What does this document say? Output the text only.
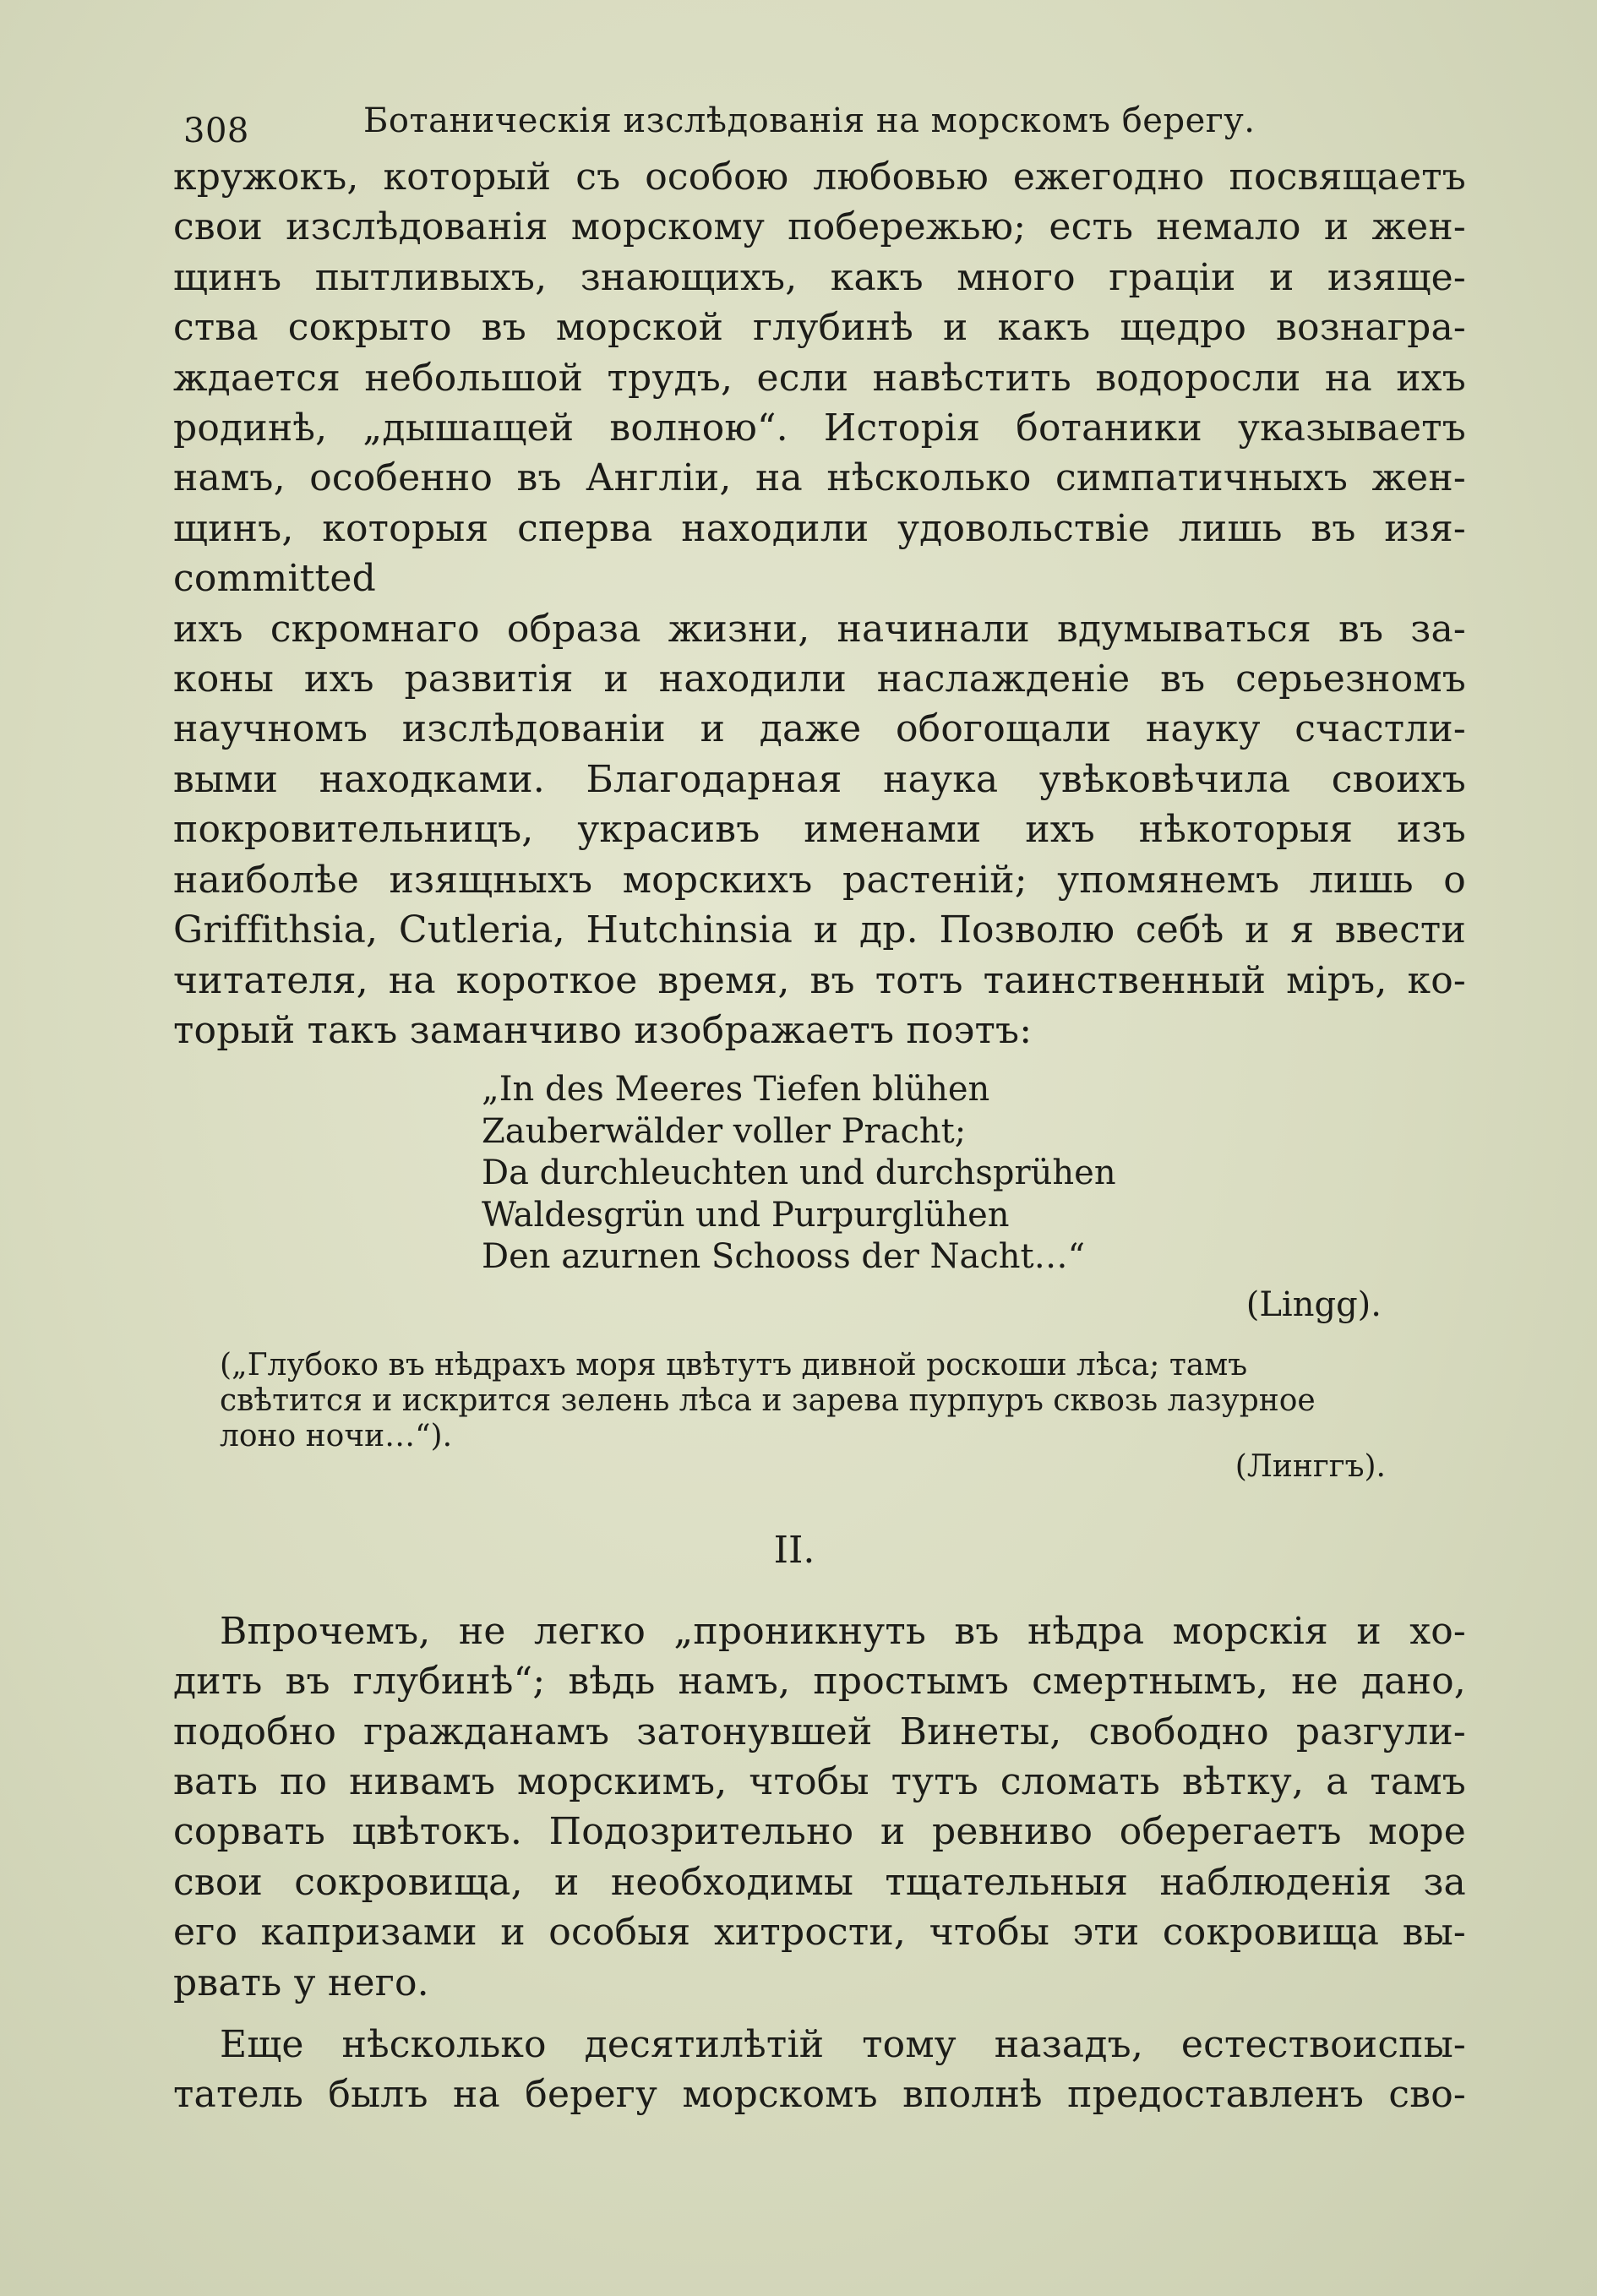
308	Ботаническія изслѣдованія на морскомъ берегу.
кружокъ, который съ особою любовью ежегодно посвящаетъ
свои изслѣдованія морскому побережью; есть немало и жен-
щинъ пытливыхъ, знающихъ, какъ много граціи и изяще-
ства сокрыто въ морской глубинѣ и какъ щедро вознагра-
ждается небольшой трудъ, если навѣстить водоросли на ихъ
родинѣ, „дышащей волною“. Исторія ботаники указываетъ
намъ, особенно въ Англіи, на нѣсколько симпатичныхъ жен-
щинъ, которыя сперва находили удовольствіе лишь въ изя-
committed
ихъ скромнаго образа жизни, начинали вдумываться въ за-
коны ихъ развитія и находили наслажденіе въ серьезномъ
научномъ изслѣдованіи и даже обогощали науку счастли-
выми находками. Благодарная наука увѣковѣчила своихъ
покровительницъ, украсивъ именами ихъ нѣкоторыя изъ
наиболѣе изящныхъ морскихъ растеній; упомянемъ лишь о
Griffithsia, Cutleria, Hutchinsia и др. Позволю себѣ и я ввести
читателя, на короткое время, въ тотъ таинственный міръ, ко-
торый такъ заманчиво изображаетъ поэтъ:
„In des Meeres Tiefen blühen
Zauberwälder voller Pracht;
Da durchleuchten und durchsprühen
Waldesgrün und Purpurglühen
Den azurnen Schooss der Nacht…“
(Lingg).
(„Глубоко въ нѣдрахъ моря цвѣтутъ дивной роскоши лѣса; тамъ
свѣтится и искрится зелень лѣса и зарева пурпуръ сквозь лазурное
лоно ночи…“).
(Линггъ).
II.
Впрочемъ, не легко „проникнуть въ нѣдра морскія и хо-
дить въ глубинѣ“; вѣдь намъ, простымъ смертнымъ, не дано,
подобно гражданамъ затонувшей Винеты, свободно разгули-
вать по нивамъ морскимъ, чтобы тутъ сломать вѣтку, а тамъ
сорвать цвѣтокъ. Подозрительно и ревниво оберегаетъ море
свои сокровища, и необходимы тщательныя наблюденія за
его капризами и особыя хитрости, чтобы эти сокровища вы-
рвать у него.
Еще нѣсколько десятилѣтій тому назадъ, естествоиспы-
татель былъ на берегу морскомъ вполнѣ предоставленъ сво-
